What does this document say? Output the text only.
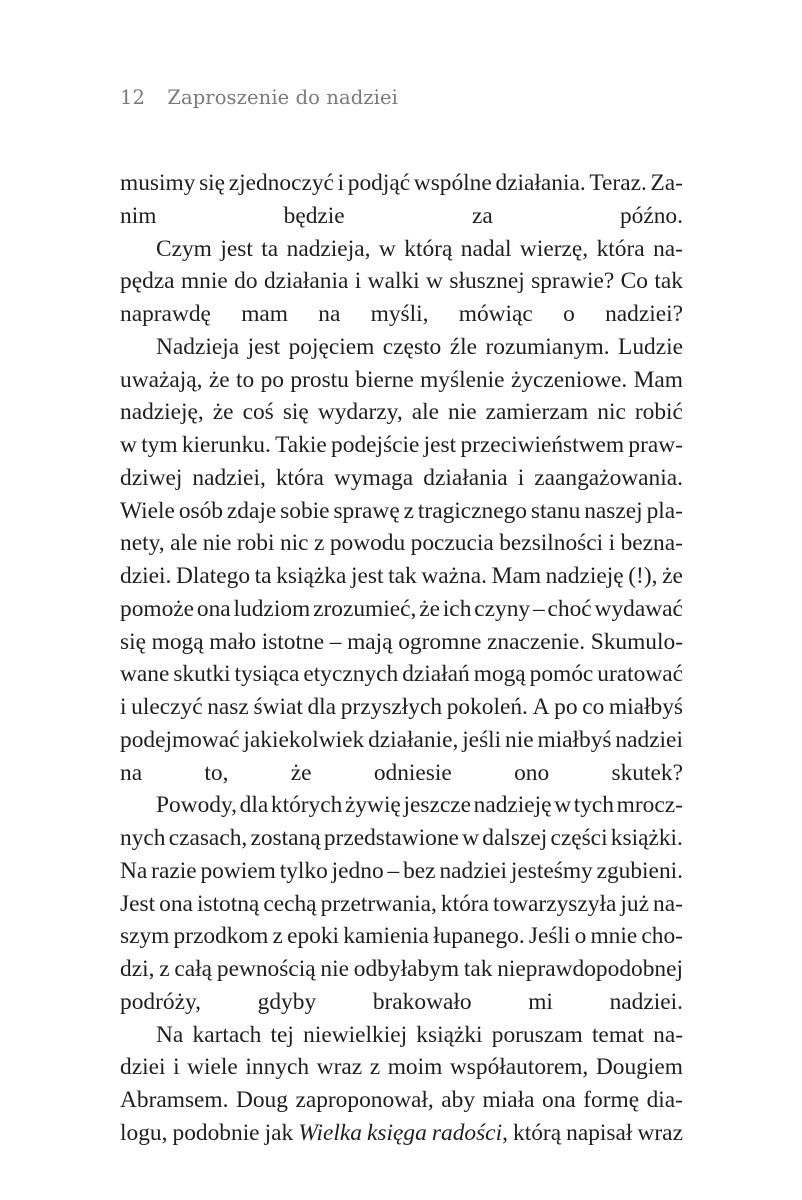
12 Zaproszenie do nadziei
musimy się zjednoczyć i podjąć wspólne działania. Teraz. Za-
nim	będzie	za	późno.
Czym jest ta nadzieja, w którą nadal wierzę, która na-
pędza mnie do działania i walki w słusznej sprawie? Co tak
naprawdę mam na myśli, mówiąc o nadziei?
Nadzieja jest pojęciem często źle rozumianym. Ludzie
uważają, że to po prostu bierne myślenie życzeniowe. Mam
nadzieję, że coś się wydarzy, ale nie zamierzam nic robić
w tym kierunku. Takie podejście jest przeciwieństwem praw-
dziwej nadziei, która wymaga działania i zaangażowania.
Wiele osób zdaje sobie sprawę z tragicznego stanu naszej pla-
nety, ale nie robi nic z powodu poczucia bezsilności i bezna-
dziei. Dlatego ta książka jest tak ważna. Mam nadzieję (!), że
pomoże ona ludziom zrozumieć, że ich czyny – choć wydawać
się mogą mało istotne – mają ogromne znaczenie. Skumulo-
wane skutki tysiąca etycznych działań mogą pomóc uratować
i uleczyć nasz świat dla przyszłych pokoleń. A po co miałbyś
podejmować jakiekolwiek działanie, jeśli nie miałbyś nadziei
na	to,	że	odniesie	ono	skutek?
Powody, dla których żywię jeszcze nadzieję w tych mrocz-
nych czasach, zostaną przedstawione w dalszej części książki.
Na razie powiem tylko jedno – bez nadziei jesteśmy zgubieni.
Jest ona istotną cechą przetrwania, która towarzyszyła już na-
szym przodkom z epoki kamienia łupanego. Jeśli o mnie cho-
dzi, z całą pewnością nie odbyłabym tak nieprawdopodobnej
podróży, gdyby brakowało mi nadziei.
Na kartach tej niewielkiej książki poruszam temat na-
dziei i wiele innych wraz z moim współautorem, Dougiem
Abramsem. Doug zaproponował, aby miała ona formę dia-
logu, podobnie jak Wielka księga radości, którą napisał wraz
